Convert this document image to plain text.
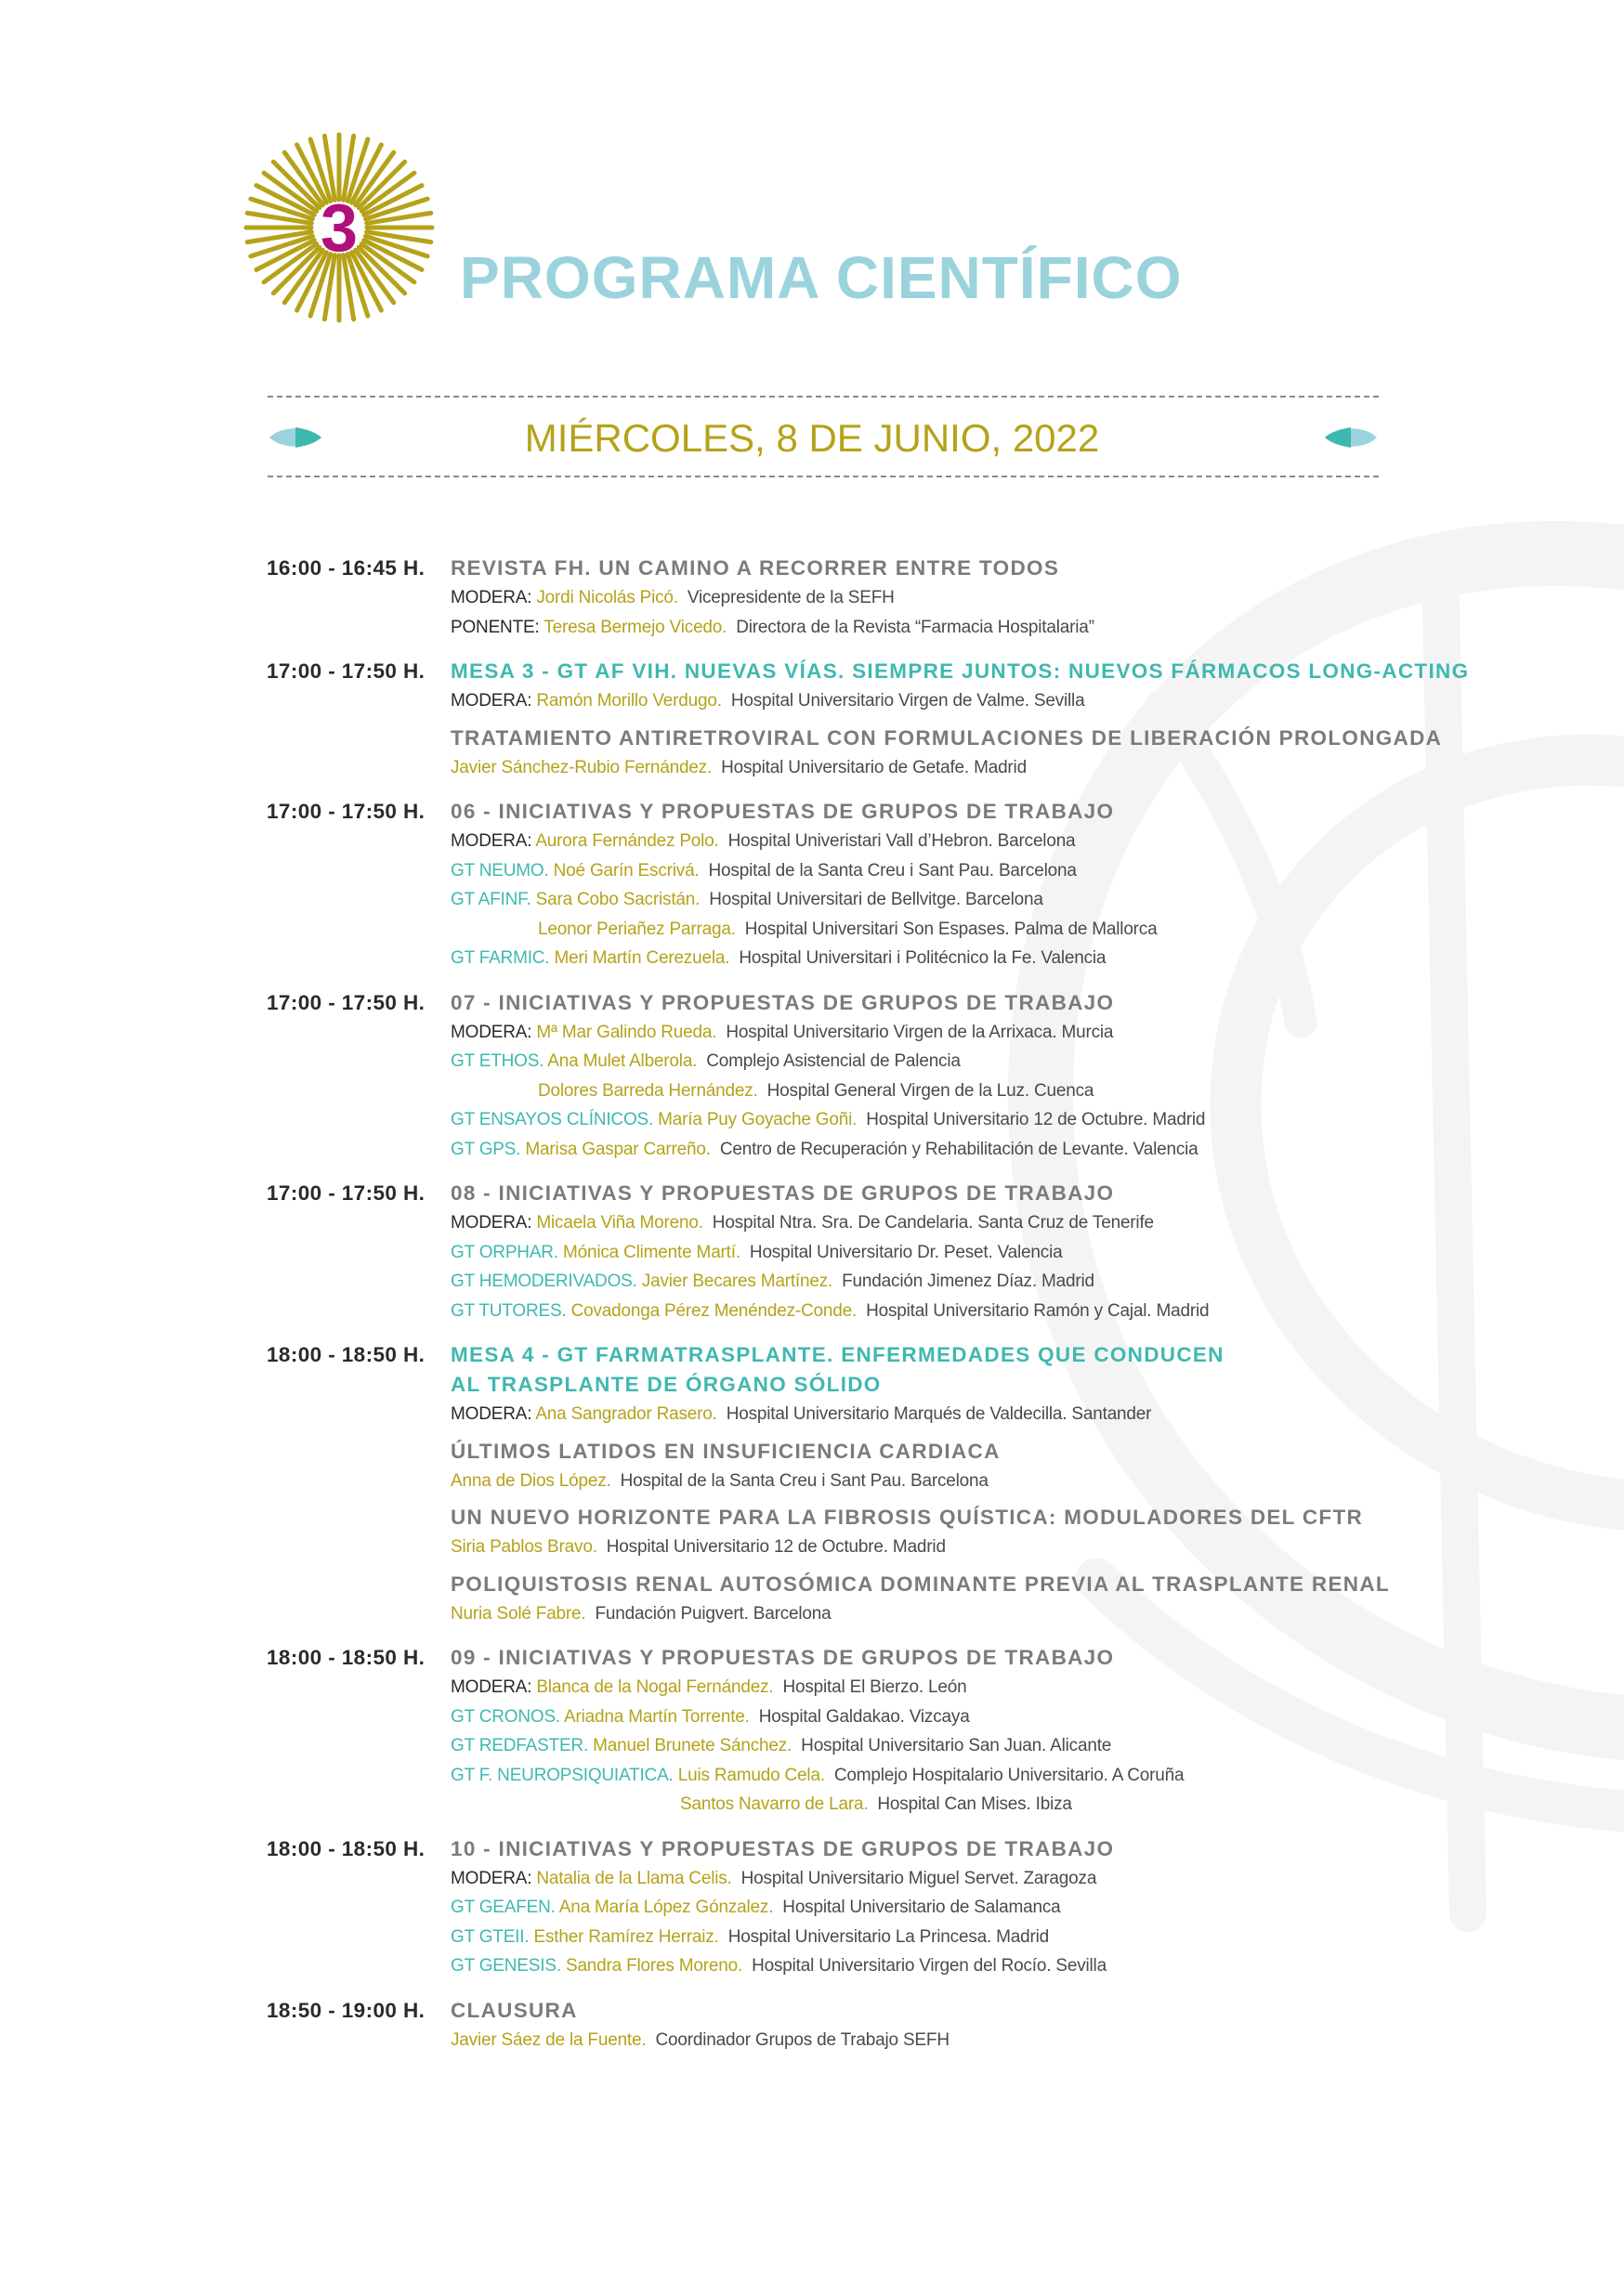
3
PROGRAMA CIENTÍFICO
MIÉRCOLES, 8 DE JUNIO, 2022
16:00 - 16:45 H.	REVISTA FH. UN CAMINO A RECORRER ENTRE TODOS
MODERA: Jordi Nicolás Picó. Vicepresidente de la SEFH
PONENTE: Teresa Bermejo Vicedo. Directora de la Revista “Farmacia Hospitalaria”
17:00 - 17:50 H.	MESA 3 - GT AF VIH. NUEVAS VÍAS. SIEMPRE JUNTOS: NUEVOS FÁRMACOS LONG-ACTING
MODERA: Ramón Morillo Verdugo. Hospital Universitario Virgen de Valme. Sevilla
TRATAMIENTO ANTIRETROVIRAL CON FORMULACIONES DE LIBERACIÓN PROLONGADA
Javier Sánchez-Rubio Fernández. Hospital Universitario de Getafe. Madrid
17:00 - 17:50 H.	06 - INICIATIVAS Y PROPUESTAS DE GRUPOS DE TRABAJO
MODERA: Aurora Fernández Polo. Hospital Univeristari Vall d’Hebron. Barcelona
GT NEUMO. Noé Garín Escrivá. Hospital de la Santa Creu i Sant Pau. Barcelona
GT AFINF. Sara Cobo Sacristán. Hospital Universitari de Bellvitge. Barcelona
Leonor Periañez Parraga. Hospital Universitari Son Espases. Palma de Mallorca
GT FARMIC. Meri Martín Cerezuela. Hospital Universitari i Politécnico la Fe. Valencia
17:00 - 17:50 H.	07 - INICIATIVAS Y PROPUESTAS DE GRUPOS DE TRABAJO
MODERA: Mª Mar Galindo Rueda. Hospital Universitario Virgen de la Arrixaca. Murcia
GT ETHOS. Ana Mulet Alberola. Complejo Asistencial de Palencia
Dolores Barreda Hernández. Hospital General Virgen de la Luz. Cuenca
GT ENSAYOS CLÍNICOS. María Puy Goyache Goñi. Hospital Universitario 12 de Octubre. Madrid
GT GPS. Marisa Gaspar Carreño. Centro de Recuperación y Rehabilitación de Levante. Valencia
17:00 - 17:50 H.	08 - INICIATIVAS Y PROPUESTAS DE GRUPOS DE TRABAJO
MODERA: Micaela Viña Moreno. Hospital Ntra. Sra. De Candelaria. Santa Cruz de Tenerife
GT ORPHAR. Mónica Climente Martí. Hospital Universitario Dr. Peset. Valencia
GT HEMODERIVADOS. Javier Becares Martínez. Fundación Jimenez Díaz. Madrid
GT TUTORES. Covadonga Pérez Menéndez-Conde. Hospital Universitario Ramón y Cajal. Madrid
18:00 - 18:50 H.	MESA 4 - GT FARMATRASPLANTE. ENFERMEDADES QUE CONDUCEN
AL TRASPLANTE DE ÓRGANO SÓLIDO
MODERA: Ana Sangrador Rasero. Hospital Universitario Marqués de Valdecilla. Santander
ÚLTIMOS LATIDOS EN INSUFICIENCIA CARDIACA
Anna de Dios López. Hospital de la Santa Creu i Sant Pau. Barcelona
UN NUEVO HORIZONTE PARA LA FIBROSIS QUÍSTICA: MODULADORES DEL CFTR
Siria Pablos Bravo. Hospital Universitario 12 de Octubre. Madrid
POLIQUISTOSIS RENAL AUTOSÓMICA DOMINANTE PREVIA AL TRASPLANTE RENAL
Nuria Solé Fabre. Fundación Puigvert. Barcelona
18:00 - 18:50 H.	09 - INICIATIVAS Y PROPUESTAS DE GRUPOS DE TRABAJO
MODERA: Blanca de la Nogal Fernández. Hospital El Bierzo. León
GT CRONOS. Ariadna Martín Torrente. Hospital Galdakao. Vizcaya
GT REDFASTER. Manuel Brunete Sánchez. Hospital Universitario San Juan. Alicante
GT F. NEUROPSIQUIATICA. Luis Ramudo Cela. Complejo Hospitalario Universitario. A Coruña
Santos Navarro de Lara. Hospital Can Mises. Ibiza
18:00 - 18:50 H.	10 - INICIATIVAS Y PROPUESTAS DE GRUPOS DE TRABAJO
MODERA: Natalia de la Llama Celis. Hospital Universitario Miguel Servet. Zaragoza
GT GEAFEN. Ana María López Gónzalez. Hospital Universitario de Salamanca
GT GTEII. Esther Ramírez Herraiz. Hospital Universitario La Princesa. Madrid
GT GENESIS. Sandra Flores Moreno. Hospital Universitario Virgen del Rocío. Sevilla
18:50 - 19:00 H.	CLAUSURA
Javier Sáez de la Fuente. Coordinador Grupos de Trabajo SEFH
